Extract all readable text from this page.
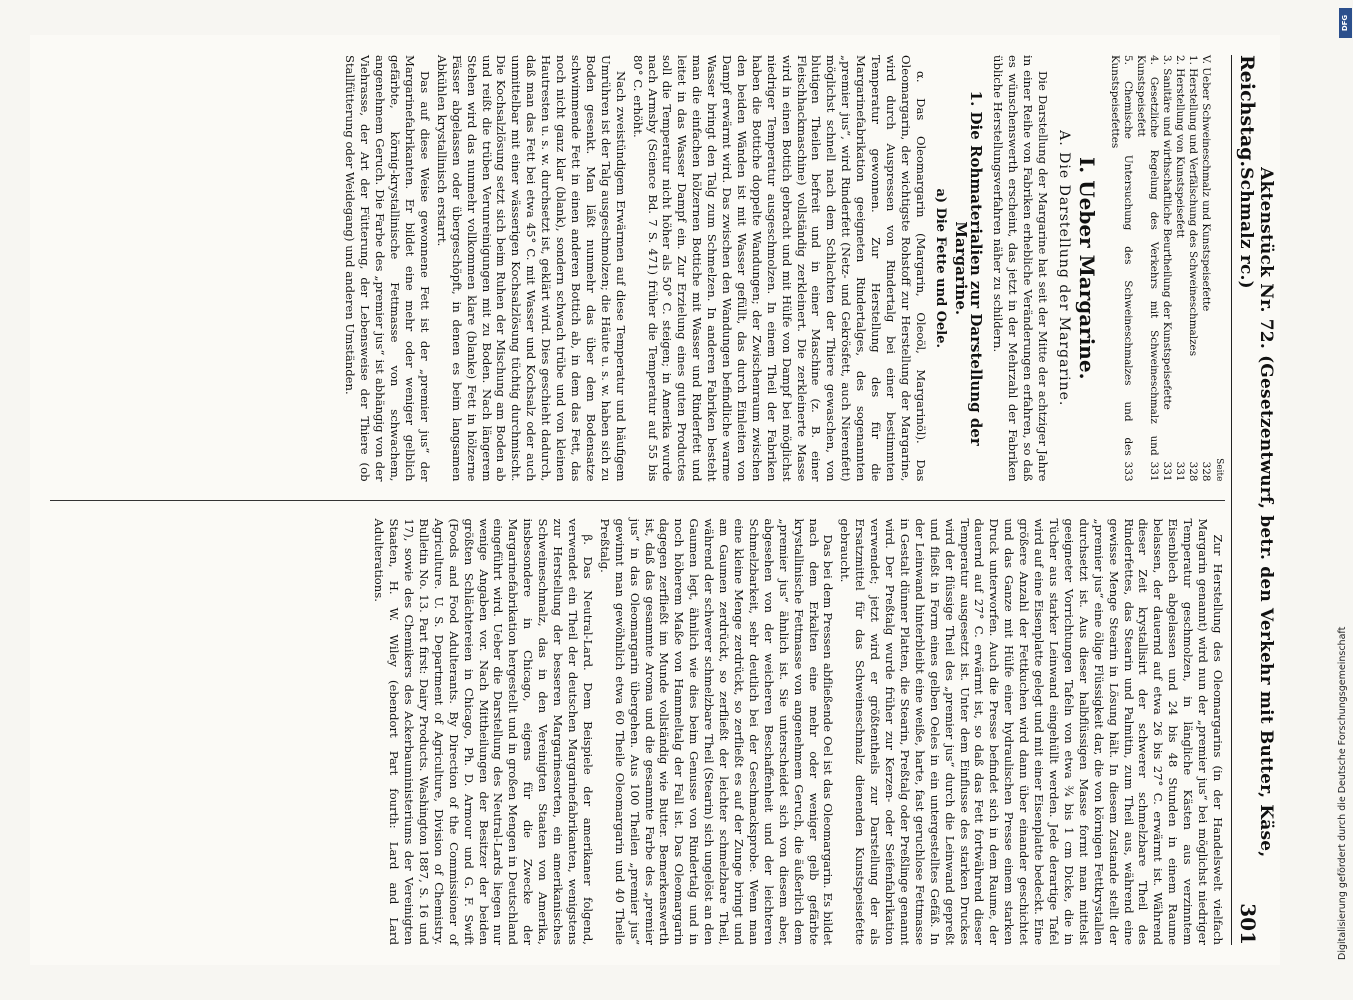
Reichstag.
Aktenstück Nr. 72. (Gesetzentwurf, betr. den Verkehr mit Butter, Käse, Schmalz rc.)
301
Seite
V. Ueber Schweineschmalz und Kunstspeisefette
328
1. Herstellung und Verfälschung des Schweineschmalzes
328
2. Herstellung von Kunstspeisefett
331
3. Sanitäre und wirthschaftliche Beurtheilung der Kunstspeisefette
331
4. Gesetzliche Regelung des Verkehrs mit Schweineschmalz und Kunstspeisefett
331
5. Chemische Untersuchung des Schweineschmalzes und des Kunstspeisefettes
333
I. Ueber Margarine.
A. Die Darstellung der Margarine.

Die Darstellung der Margarine hat seit der Mitte der achtziger Jahre in einer Reihe von Fabriken erhebliche Veränderungen erfahren, so daß es wünschenswerth erscheint, das jetzt in der Mehrzahl der Fabriken übliche Herstellungsverfahren näher zu schildern.

1. Die Rohmaterialien zur Darstellung der Margarine.
a) Die Fette und Oele.

α. Das Oleomargarin (Margarin, Oleoöl, Margarinöl). Das Oleomargarin, der wichtigste Rohstoff zur Herstellung der Margarine, wird durch Auspressen von Rindertalg bei einer bestimmten Temperatur gewonnen. Zur Herstellung des für die Margarinefabrikation geeigneten Rindertalges, des sogenannten „premier jus“, wird Rinderfett (Netz- und Gekrösfett, auch Nierenfett) möglichst schnell nach dem Schlachten der Thiere gewaschen, von blutigen Theilen befreit und in einer Maschine (z. B. einer Fleischhackmaschine) vollständig zerkleinert. Die zerkleinerte Masse wird in einen Bottich gebracht und mit Hülfe von Dampf bei möglichst niedriger Temperatur ausgeschmolzen. In einem Theil der Fabriken haben die Bottiche doppelte Wandungen; der Zwischenraum zwischen den beiden Wänden ist mit Wasser gefüllt, das durch Einleiten von Dampf erwärmt wird. Das zwischen den Wandungen befindliche warme Wasser bringt den Talg zum Schmelzen. In anderen Fabriken besteht man die einfachen hölzernen Bottiche mit Wasser und Rinderfett und leitet in das Wasser Dampf ein. Zur Erzielung eines guten Productes soll die Temperatur nicht höher als 50° C. steigen; in Amerika wurde nach Armsby (Science Bd. 7 S. 471) früher die Temperatur auf 55 bis 80° C. erhöht.

Nach zweistündigem Erwärmen auf diese Temperatur und häufigem Umrühren ist der Talg ausgeschmolzen; die Häute u. s. w. haben sich zu Boden gesenkt. Man läßt nunmehr das über dem Bodensatze schwimmende Fett in einen anderen Bottich ab, in dem das Fett, das noch nicht ganz klar (blank), sondern schwach trübe und von kleinen Hautresten u. s. w. durchsetzt ist, geklärt wird. Dies geschieht dadurch, daß man das Fett bei etwa 45° C. mit Wasser und Kochsalz oder auch unmittelbar mit einer wässerigen Kochsalzlösung tüchtig durchmischt. Die Kochsalzlösung setzt sich beim Ruhen der Mischung am Boden ab und reißt die trüben Verunreinigungen mit zu Boden. Nach längerem Stehen wird das nunmehr vollkommen klare (blanke) Fett in hölzerne Fässer abgelassen oder übergeschöpft, in denen es beim langsamen Abkühlen krystallinisch erstarrt.

Das auf diese Weise gewonnene Fett ist der „premier jus“ der Margarinefabrikanten. Er bildet eine mehr oder weniger gelblich gefärbte, körnig-krystallinische Fettmasse von schwachem, angenehmem Geruch. Die Farbe des „premier jus“ ist abhängig von der Viehrasse, der Art der Fütterung, der Lebensweise der Thiere (ob Stallfütterung oder Weidegang) und anderen Umständen.

Zur Herstellung des Oleomargarins (in der Handelswelt vielfach Margarin genannt) wird nun der „premier jus“ bei möglichst niedriger Temperatur geschmolzen, in längliche Kästen aus verzinntem Eisenblech abgelassen und 24 bis 48 Stunden in einem Raume belassen, der dauernd auf etwa 26 bis 27° C. erwärmt ist. Während dieser Zeit krystallisirt der schwerer schmelzbare Theil des Rinderfettes, das Stearin und Palmitin, zum Theil aus, während eine gewisse Menge Stearin in Lösung hält. In diesem Zustande stellt der „premier jus“ eine ölige Flüssigkeit dar, die von körnigen Fettkrystallen durchsetzt ist. Aus dieser halbflüssigen Masse formt man mittelst geeigneter Vorrichtungen Tafeln von etwa ¾ bis 1 cm Dicke, die in Tücher aus starker Leinwand eingehüllt werden. Jede derartige Tafel wird auf eine Eisenplatte gelegt und mit einer Eisenplatte bedeckt. Eine größere Anzahl der Fettkuchen wird dann über einander geschichtet und das Ganze mit Hülfe einer hydraulischen Presse einem starken Druck unterworfen. Auch die Presse befindet sich in dem Raume, der dauernd auf 27° C. erwärmt ist, so daß das Fett fortwährend dieser Temperatur ausgesetzt ist. Unter dem Einflusse des starken Druckes wird der flüssige Theil des „premier jus“ durch die Leinwand gepreßt und fließt in Form eines gelben Oeles in ein untergestelltes Gefäß. In der Leinwand hinterbleibt eine weiße, harte, fast geruchlose Fettmasse in Gestalt dünner Platten, die Stearin, Preßtalg oder Preßlinge genannt wird. Der Preßtalg wurde früher zur Kerzen- oder Seifenfabrikation verwendet; jetzt wird er größtentheils zur Darstellung der als Ersatzmittel für das Schweineschmalz dienenden Kunstspeisefette gebraucht.

Das bei dem Pressen abfließende Oel ist das Oleomargarin. Es bildet nach dem Erkalten eine mehr oder weniger gelb gefärbte krystallinische Fettmasse von angenehmem Geruch, die äußerlich dem „premier jus“ ähnlich ist. Sie unterscheidet sich von diesem aber, abgesehen von der weicheren Beschaffenheit und der leichteren Schmelzbarkeit, sehr deutlich bei der Geschmacksprobe. Wenn man eine kleine Menge zerdrückt, so zerfließt es auf der Zunge bringt und am Gaumen zerdrückt, so zerfließt der leichter schmelzbare Theil, während der schwerer schmelzbare Theil (Stearin) sich ungelöst an den Gaumen legt, ähnlich wie dies beim Genusse von Rindertalg und in noch höherem Maße von Hammeltalg der Fall ist. Das Oleomargarin dagegen zerfließt im Munde vollständig wie Butter. Bemerkenswerth ist, daß das gesammte Aroma und die gesammte Farbe des „premier jus“ in das Oleomargarin übergehen. Aus 100 Theilen „premier jus“ gewinnt man gewöhnlich etwa 60 Theile Oleomargarin und 40 Theile Preßtalg.

β. Das Neutral-Lard. Dem Beispiele der amerikaner folgend, verwendet ein Theil der deutschen Margarinefabrikanten, wenigstens zur Herstellung der besseren Margarinesorten, ein amerikanisches Schweineschmalz, das in den Vereinigten Staaten von Amerika, insbesondere in Chicago, eigens für die Zwecke der Margarinefabrikation hergestellt und in großen Mengen in Deutschland eingeführt wird. Ueber die Darstellung des Neutral-Lards liegen nur wenige Angaben vor. Nach Mittheilungen der Besitzer der beiden größten Schlächtereien in Chicago, Ph. D. Armour und G. F. Swift (Foods and Food Adulterants. By Direction of the Commissioner of Agriculture. U. S. Department of Agriculture, Division of Chemistry. Bulletin No. 13. Part first: Dairy Products. Washington 1887, S. 16 und 17), sowie des Chemikers des Ackerbauministeriums der Vereinigten Staaten, H. W. Wiley (ebendort Part fourth: Lard and Lard Adulterations.

DFG
Digitalisierung gefördert durch die Deutsche Forschungsgemeinschaft
